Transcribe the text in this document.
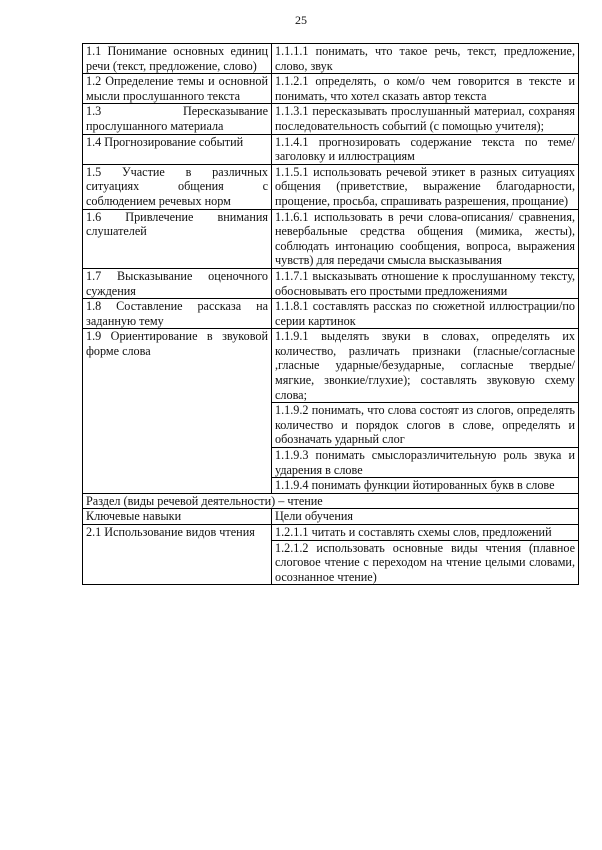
25
1.1 Понимание основных единиц речи (текст, предложение, слово)	1.1.1.1 понимать, что такое речь, текст, предложение, слово, звук
1.2 Определение темы и основной мысли прослушанного текста	1.1.2.1 определять, о ком/о чем говорится в тексте и понимать, что хотел сказать автор текста
1.3 Пересказывание прослушанного материала	1.1.3.1 пересказывать прослушанный материал, сохраняя последовательность событий (с помощью учителя);
1.4 Прогнозирование событий	1.1.4.1 прогнозировать содержание текста по теме/ заголовку и иллюстрациям
1.5 Участие в различных ситуациях общения с соблюдением речевых норм	1.1.5.1 использовать речевой этикет в разных ситуациях общения (приветствие, выражение благодарности, прощение, просьба, спрашивать разрешения, прощание)
1.6 Привлечение внимания слушателей	1.1.6.1 использовать в речи слова-описания/ сравнения, невербальные средства общения (мимика, жесты), соблюдать интонацию сообщения, вопроса, выражения чувств) для передачи смысла высказывания
1.7 Высказывание оценочного суждения	1.1.7.1 высказывать отношение к прослушанному тексту, обосновывать его простыми предложениями
1.8 Составление рассказа на заданную тему	1.1.8.1 составлять рассказ по сюжетной иллюстрации/по серии картинок
1.9 Ориентирование в звуковой форме слова	1.1.9.1 выделять звуки в словах, определять их количество, различать признаки (гласные/согласные ,гласные ударные/безударные, согласные твердые/мягкие, звонкие/глухие); составлять звуковую схему слова;
	1.1.9.2 понимать, что слова состоят из слогов, определять количество и порядок слогов в слове, определять и обозначать ударный слог
	1.1.9.3 понимать смыслоразличительную роль звука и ударения в слове
	1.1.9.4 понимать функции йотированных букв в слове
Раздел (виды речевой деятельности) – чтение	
Ключевые навыки	Цели обучения
2.1 Использование видов чтения	1.2.1.1 читать и составлять схемы слов, предложений
	1.2.1.2 использовать основные виды чтения (плавное слоговое чтение с переходом на чтение целыми словами, осознанное чтение)
